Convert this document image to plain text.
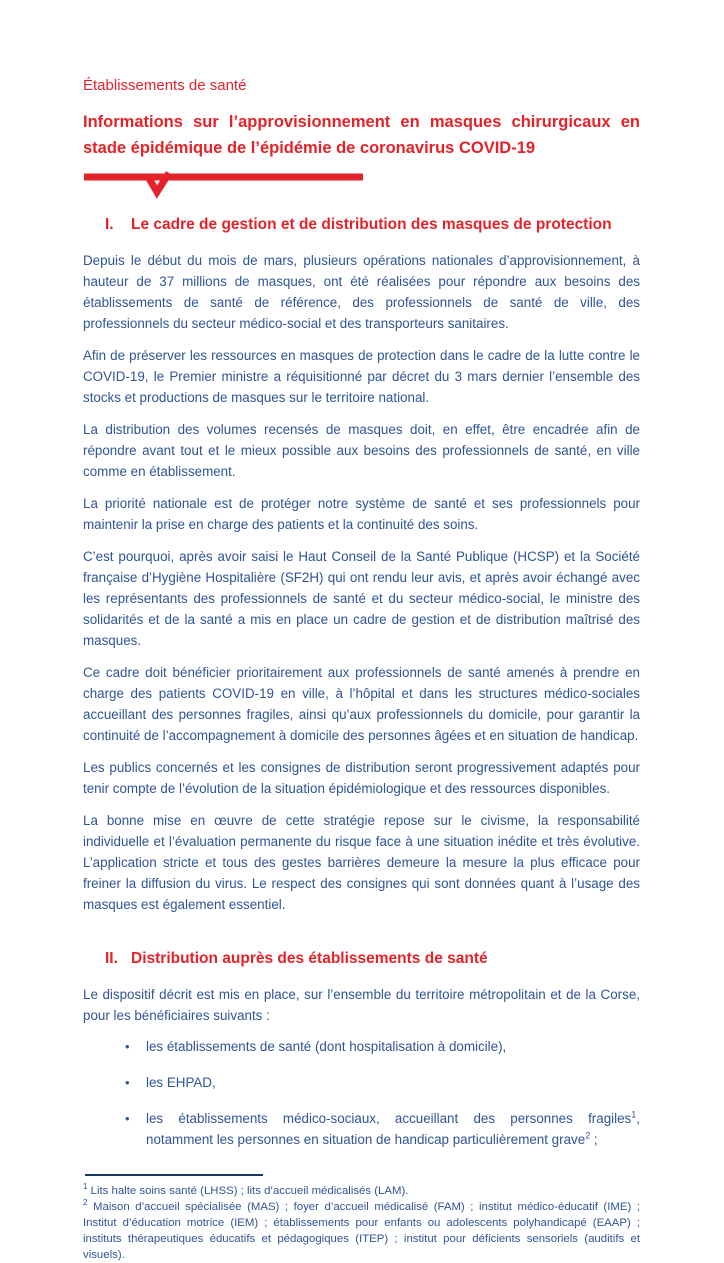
Établissements de santé

Informations sur l’approvisionnement en masques chirurgicaux en stade épidémique de l’épidémie de coronavirus COVID-19
I. Le cadre de gestion et de distribution des masques de protection

Depuis le début du mois de mars, plusieurs opérations nationales d’approvisionnement, à hauteur de 37 millions de masques, ont été réalisées pour répondre aux besoins des établissements de santé de référence, des professionnels de santé de ville, des professionnels du secteur médico-social et des transporteurs sanitaires.

Afin de préserver les ressources en masques de protection dans le cadre de la lutte contre le COVID-19, le Premier ministre a réquisitionné par décret du 3 mars dernier l’ensemble des stocks et productions de masques sur le territoire national.

La distribution des volumes recensés de masques doit, en effet, être encadrée afin de répondre avant tout et le mieux possible aux besoins des professionnels de santé, en ville comme en établissement.

La priorité nationale est de protéger notre système de santé et ses professionnels pour maintenir la prise en charge des patients et la continuité des soins.

C’est pourquoi, après avoir saisi le Haut Conseil de la Santé Publique (HCSP) et la Société française d’Hygiène Hospitalière (SF2H) qui ont rendu leur avis, et après avoir échangé avec les représentants des professionnels de santé et du secteur médico-social, le ministre des solidarités et de la santé a mis en place un cadre de gestion et de distribution maîtrisé des masques.

Ce cadre doit bénéficier prioritairement aux professionnels de santé amenés à prendre en charge des patients COVID-19 en ville, à l’hôpital et dans les structures médico-sociales accueillant des personnes fragiles, ainsi qu’aux professionnels du domicile, pour garantir la continuité de l’accompagnement à domicile des personnes âgées et en situation de handicap.

Les publics concernés et les consignes de distribution seront progressivement adaptés pour tenir compte de l’évolution de la situation épidémiologique et des ressources disponibles.

La bonne mise en œuvre de cette stratégie repose sur le civisme, la responsabilité individuelle et l’évaluation permanente du risque face à une situation inédite et très évolutive. L’application stricte et tous des gestes barrières demeure la mesure la plus efficace pour freiner la diffusion du virus. Le respect des consignes qui sont données quant à l’usage des masques est également essentiel.

II. Distribution auprès des établissements de santé

Le dispositif décrit est mis en place, sur l’ensemble du territoire métropolitain et de la Corse, pour les bénéficiaires suivants :

• les établissements de santé (dont hospitalisation à domicile),
• les EHPAD,
• les établissements médico-sociaux, accueillant des personnes fragiles$^1$, notamment les personnes en situation de handicap particulièrement grave$^2$ ;

$^1$ Lits halte soins santé (LHSS) ; lits d’accueil médicalisés (LAM).

$^2$ Maison d’accueil spécialisée (MAS) ; foyer d’accueil médicalisé (FAM) ; institut médico-éducatif (IME) ; Institut d’éducation motrice (IEM) ; établissements pour enfants ou adolescents polyhandicapé (EAAP) ; instituts thérapeutiques éducatifs et pédagogiques (ITEP) ; institut pour déficients sensoriels (auditifs et visuels).
